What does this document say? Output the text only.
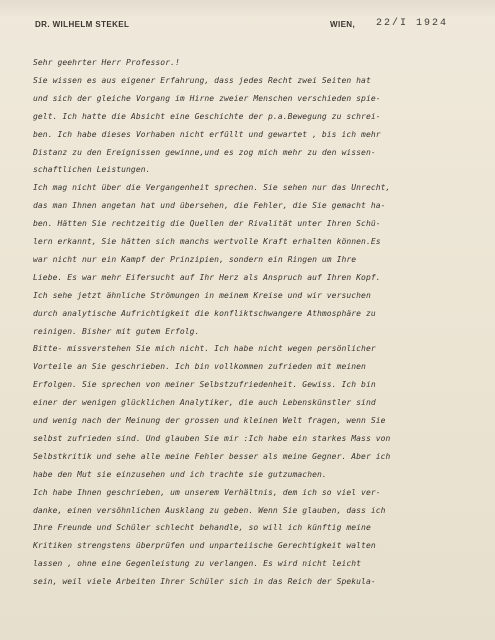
DR. WILHELM STEKEL	WIEN, 22/I 1924
Sehr geehrter Herr Professor.!
Sie wissen es aus eigener Erfahrung, dass jedes Recht zwei Seiten hat
und sich der gleiche Vorgang im Hirne zweier Menschen verschieden spie-
gelt. Ich hatte die Absicht eine Geschichte der p.a.Bewegung zu schrei-
ben. Ich habe dieses Vorhaben nicht erfüllt und gewartet , bis ich mehr
Distanz zu den Ereignissen gewinne,und es zog mich mehr zu den wissen-
schaftlichen Leistungen.
Ich mag nicht über die Vergangenheit sprechen. Sie sehen nur das Unrecht,
das man Ihnen angetan hat und übersehen, die Fehler, die Sie gemacht ha-
ben. Hätten Sie rechtzeitig die Quellen der Rivalität unter Ihren Schü-
lern erkannt, Sie hätten sich manchs wertvolle Kraft erhalten können.Es
war nicht nur ein Kampf der Prinzipien, sondern ein Ringen um Ihre
Liebe. Es war mehr Eifersucht auf Ihr Herz als Anspruch auf Ihren Kopf.
Ich sehe jetzt ähnliche Strömungen in meinem Kreise und wir versuchen
durch analytische Aufrichtigkeit die konfliktschwangere Athmosphäre zu
reinigen. Bisher mit gutem Erfolg.
Bitte- missverstehen Sie mich nicht. Ich habe nicht wegen persönlicher
Vorteile an Sie geschrieben. Ich bin vollkommen zufrieden mit meinen
Erfolgen. Sie sprechen von meiner Selbstzufriedenheit. Gewiss. Ich bin
einer der wenigen glücklichen Analytiker, die auch Lebenskünstler sind
und wenig nach der Meinung der grossen und kleinen Welt fragen, wenn Sie
selbst zufrieden sind. Und glauben Sie mir :Ich habe ein starkes Mass von
Selbstkritik und sehe alle meine Fehler besser als meine Gegner. Aber ich
habe den Mut sie einzusehen und ich trachte sie gutzumachen.
Ich habe Ihnen geschrieben, um unserem Verhältnis, dem ich so viel ver-
danke, einen versöhnlichen Ausklang zu geben. Wenn Sie glauben, dass ich
Ihre Freunde und Schüler schlecht behandle, so will ich künftig meine
Kritiken strengstens überprüfen und unparteiische Gerechtigkeit walten
lassen , ohne eine Gegenleistung zu verlangen. Es wird nicht leicht
sein, weil viele Arbeiten Ihrer Schüler sich in das Reich der Spekula-
